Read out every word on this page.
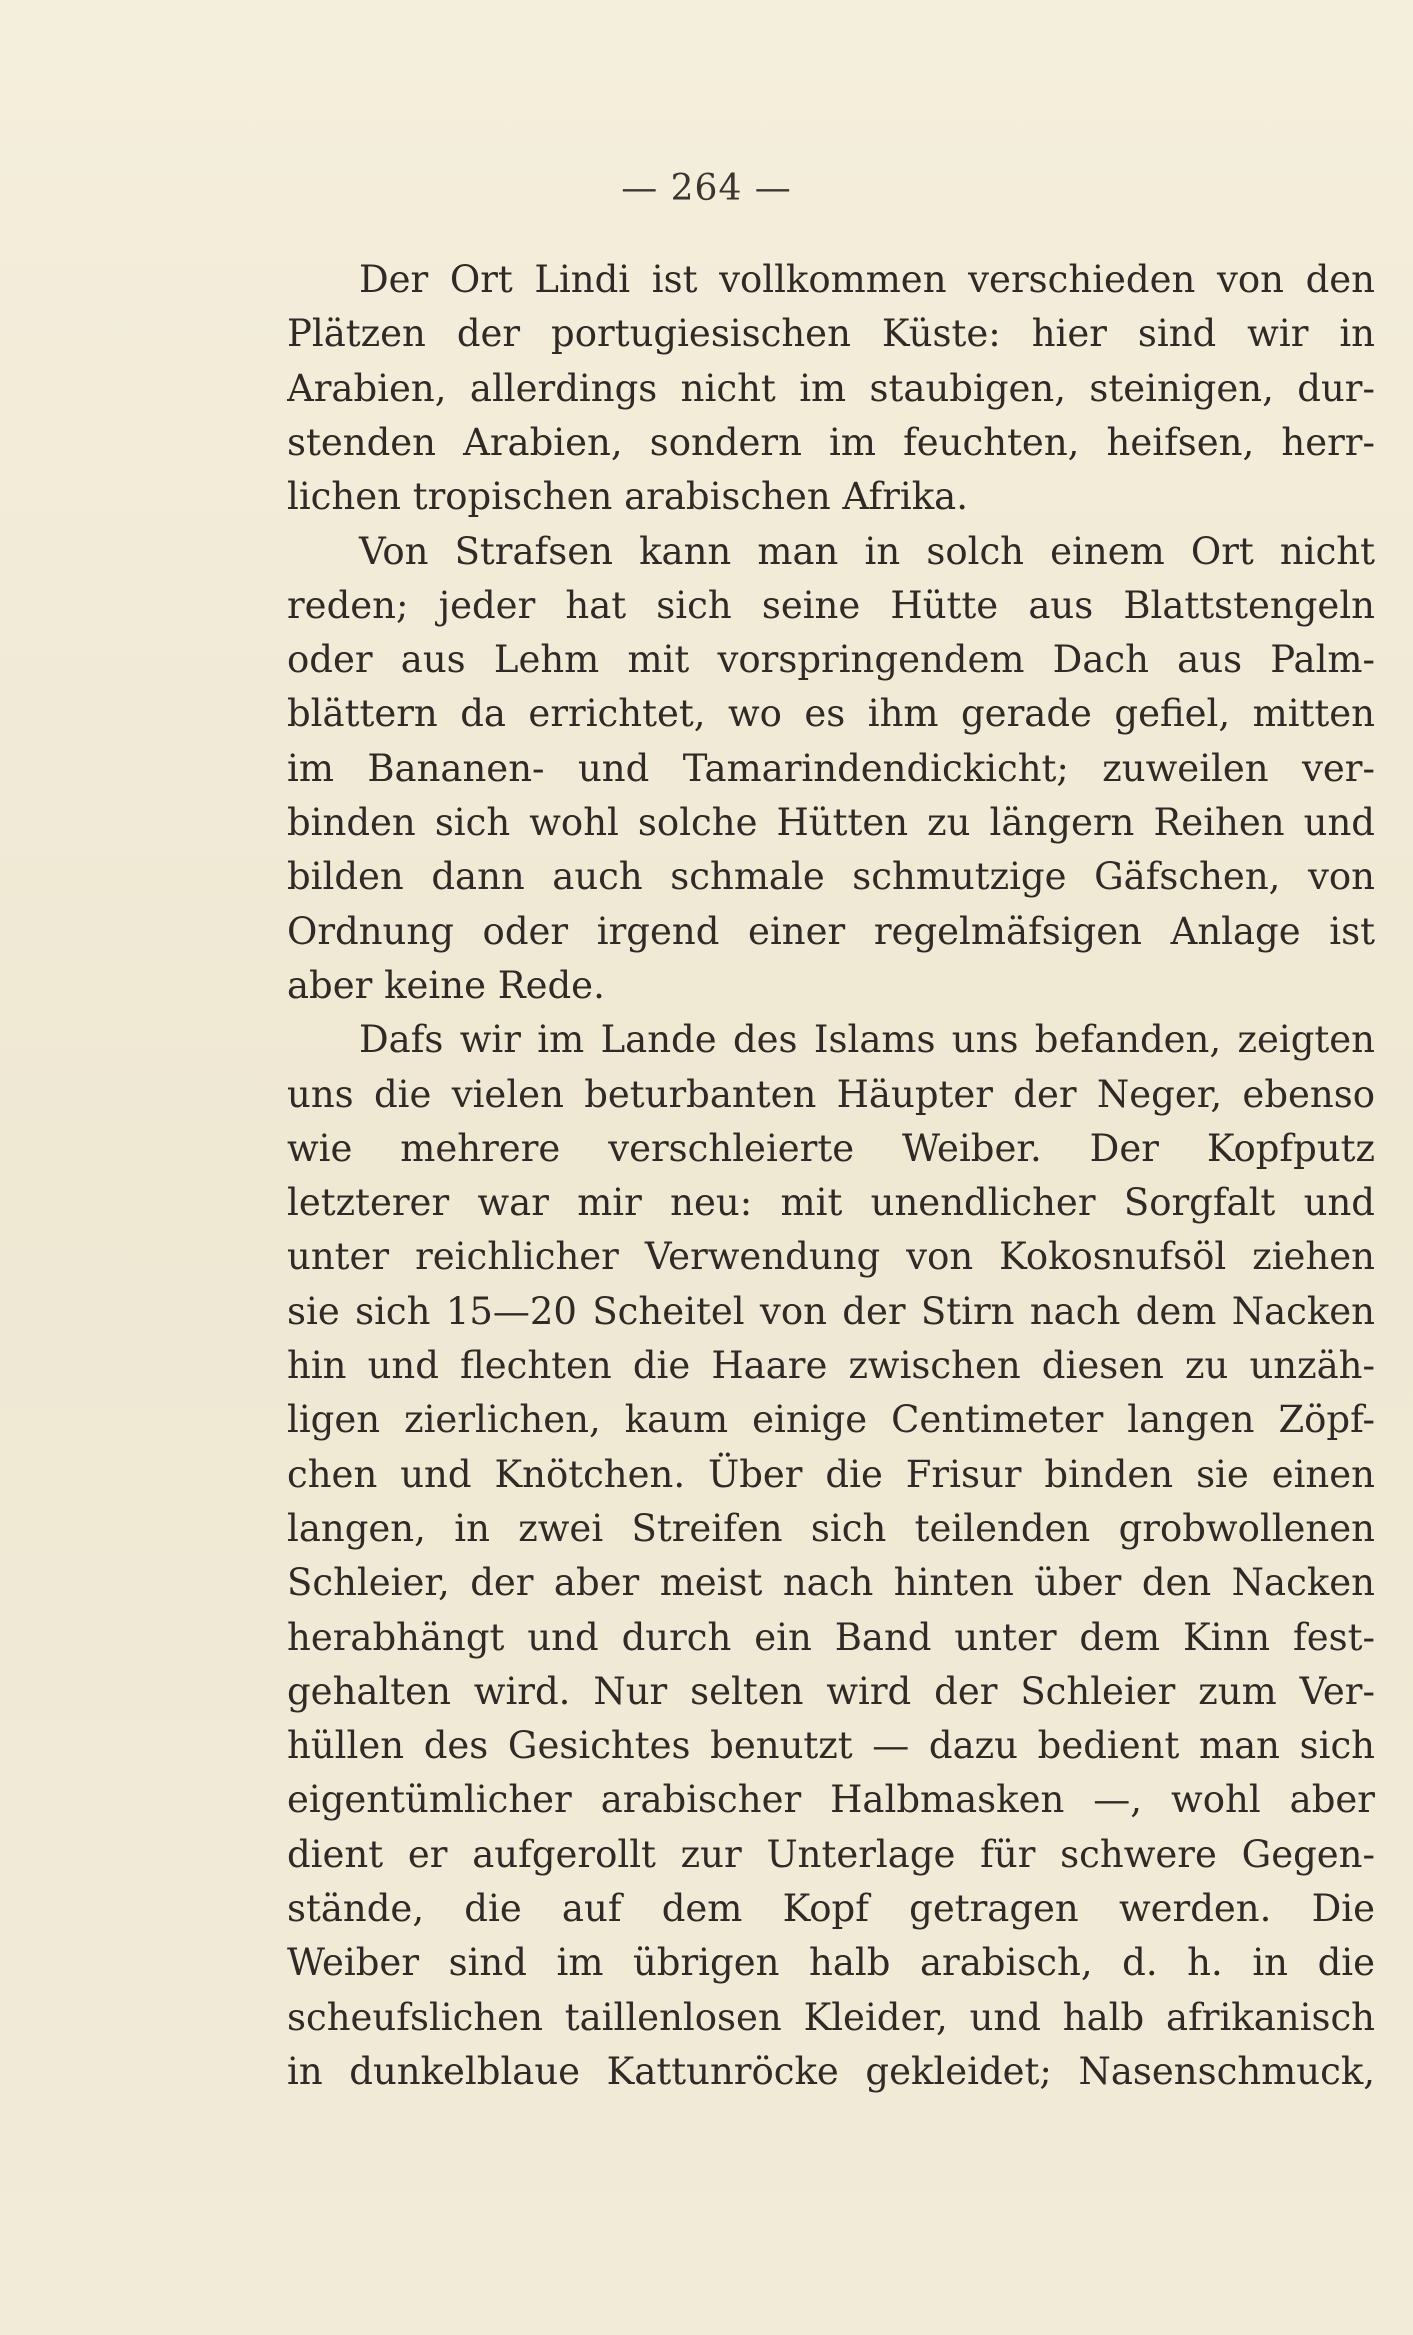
— 264 —
Der Ort Lindi ist vollkommen verschieden von den
Plätzen der portugiesischen Küste: hier sind wir in
Arabien, allerdings nicht im staubigen, steinigen, dur-
stenden Arabien, sondern im feuchten, heifsen, herr-
lichen tropischen arabischen Afrika.
Von Strafsen kann man in solch einem Ort nicht
reden; jeder hat sich seine Hütte aus Blattstengeln
oder aus Lehm mit vorspringendem Dach aus Palm-
blättern da errichtet, wo es ihm gerade gefiel, mitten
im Bananen- und Tamarindendickicht; zuweilen ver-
binden sich wohl solche Hütten zu längern Reihen und
bilden dann auch schmale schmutzige Gäfschen, von
Ordnung oder irgend einer regelmäfsigen Anlage ist
aber keine Rede.
Dafs wir im Lande des Islams uns befanden, zeigten
uns die vielen beturbanten Häupter der Neger, ebenso
wie mehrere verschleierte Weiber. Der Kopfputz
letzterer war mir neu: mit unendlicher Sorgfalt und
unter reichlicher Verwendung von Kokosnufsöl ziehen
sie sich 15—20 Scheitel von der Stirn nach dem Nacken
hin und flechten die Haare zwischen diesen zu unzäh-
ligen zierlichen, kaum einige Centimeter langen Zöpf-
chen und Knötchen. Über die Frisur binden sie einen
langen, in zwei Streifen sich teilenden grobwollenen
Schleier, der aber meist nach hinten über den Nacken
herabhängt und durch ein Band unter dem Kinn fest-
gehalten wird. Nur selten wird der Schleier zum Ver-
hüllen des Gesichtes benutzt — dazu bedient man sich
eigentümlicher arabischer Halbmasken —, wohl aber
dient er aufgerollt zur Unterlage für schwere Gegen-
stände, die auf dem Kopf getragen werden. Die
Weiber sind im übrigen halb arabisch, d. h. in die
scheufslichen taillenlosen Kleider, und halb afrikanisch
in dunkelblaue Kattunröcke gekleidet; Nasenschmuck,
